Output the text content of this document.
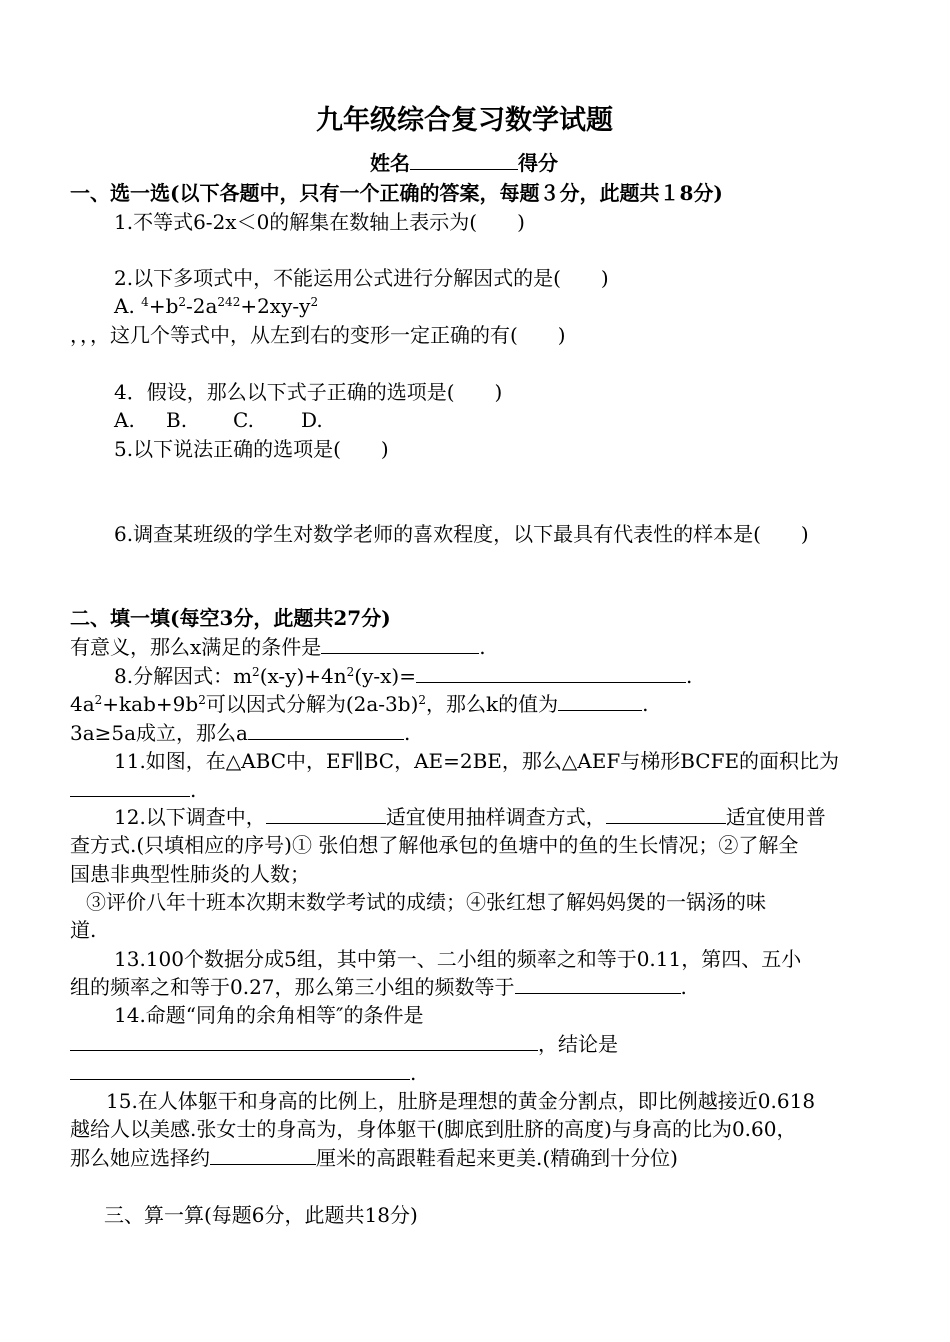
九年级综合复习数学试题
姓名	得分
一、选一选(以下各题中，只有一个正确的答案，每题３分，此题共１8分)
1.不等式6-2x＜0的解集在数轴上表示为(　　)
2.以下多项式中，不能运用公式进行分解因式的是(　　)
A. $^4+b^2-2a^{242}+2xy-y^2$
，，，这几个等式中，从左到右的变形一定正确的有(　　)
4．假设，那么以下式子正确的选项是(　　)
A. B. C. D.
5.以下说法正确的选项是(　　)
6.调查某班级的学生对数学老师的喜欢程度，以下最具有代表性的样本是(　　)
二、填一填(每空3分，此题共27分)
有意义，那么x满足的条件是	.
8.分解因式：$m^2(x-y)+4n^2(y-x)=$	.
$4a^2+kab+9b^2$可以因式分解为$(2a-3b)^2$，那么k的值为	.
3a≥5a成立，那么a	.
11.如图，在△ABC中，EF∥BC，AE=2BE，那么△AEF与梯形BCFE的面积比为
.
12.以下调查中，	适宜使用抽样调查方式，	适宜使用普
查方式.(只填相应的序号)① 张伯想了解他承包的鱼塘中的鱼的生长情况；②了解全
国患非典型性肺炎的人数；
③评价八年十班本次期末数学考试的成绩；④张红想了解妈妈煲的一锅汤的味
道.
13.100个数据分成5组，其中第一、二小组的频率之和等于0.11，第四、五小
组的频率之和等于0.27，那么第三小组的频数等于	.
14.命题“同角的余角相等″的条件是
，结论是
.
15.在人体躯干和身高的比例上，肚脐是理想的黄金分割点，即比例越接近0.618
越给人以美感.张女士的身高为，身体躯干(脚底到肚脐的高度)与身高的比为0.60，
那么她应选择约	厘米的高跟鞋看起来更美.(精确到十分位)
三、算一算(每题6分，此题共18分)
